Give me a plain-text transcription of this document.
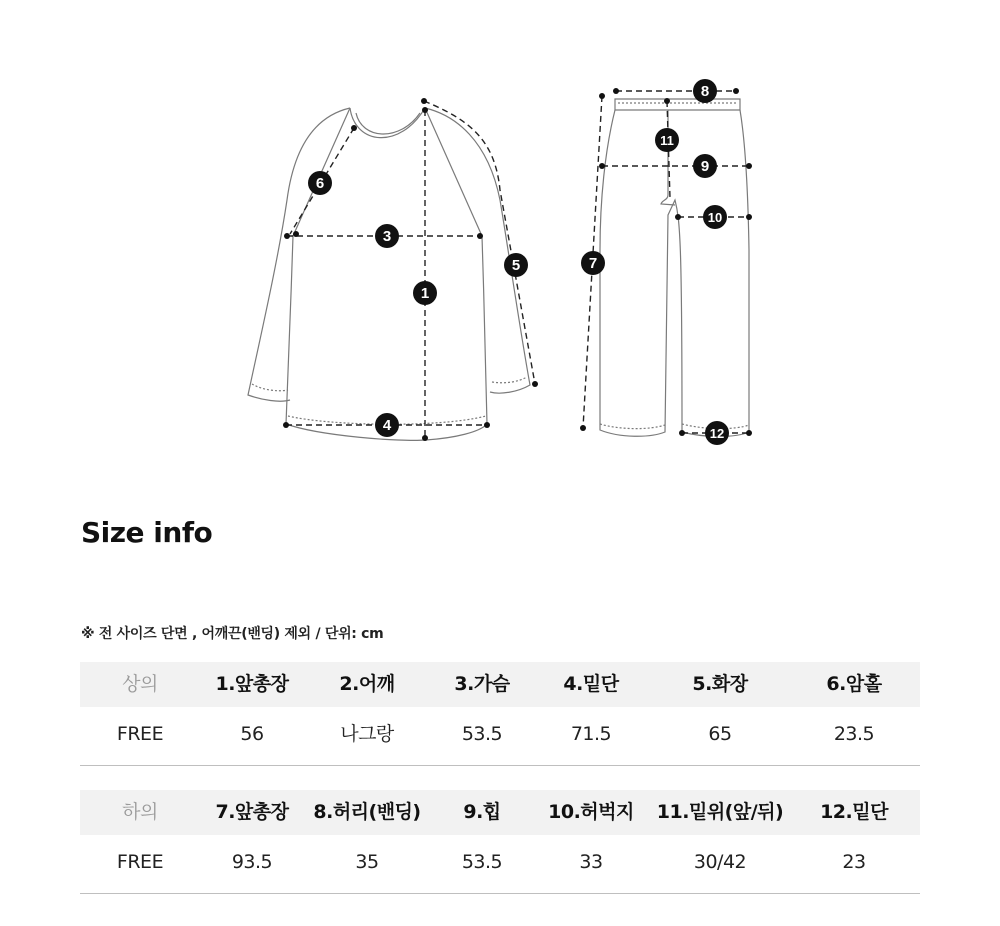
1
3
4
5
6
7
8
9
10
11
12
Size info
※ 전 사이즈 단면 , 어깨끈(밴딩) 제외 / 단위: cm
상의	1.앞총장	2.어깨	3.가슴	4.밑단	5.화장	6.암홀
FREE	56	나그랑	53.5	71.5	65	23.5
하의	7.앞총장 8.허리(밴딩) 9.힙 10.허벅지 11.밑위(앞/뒤) 12.밑단
FREE	93.5	35	53.5	33	30/42	23
